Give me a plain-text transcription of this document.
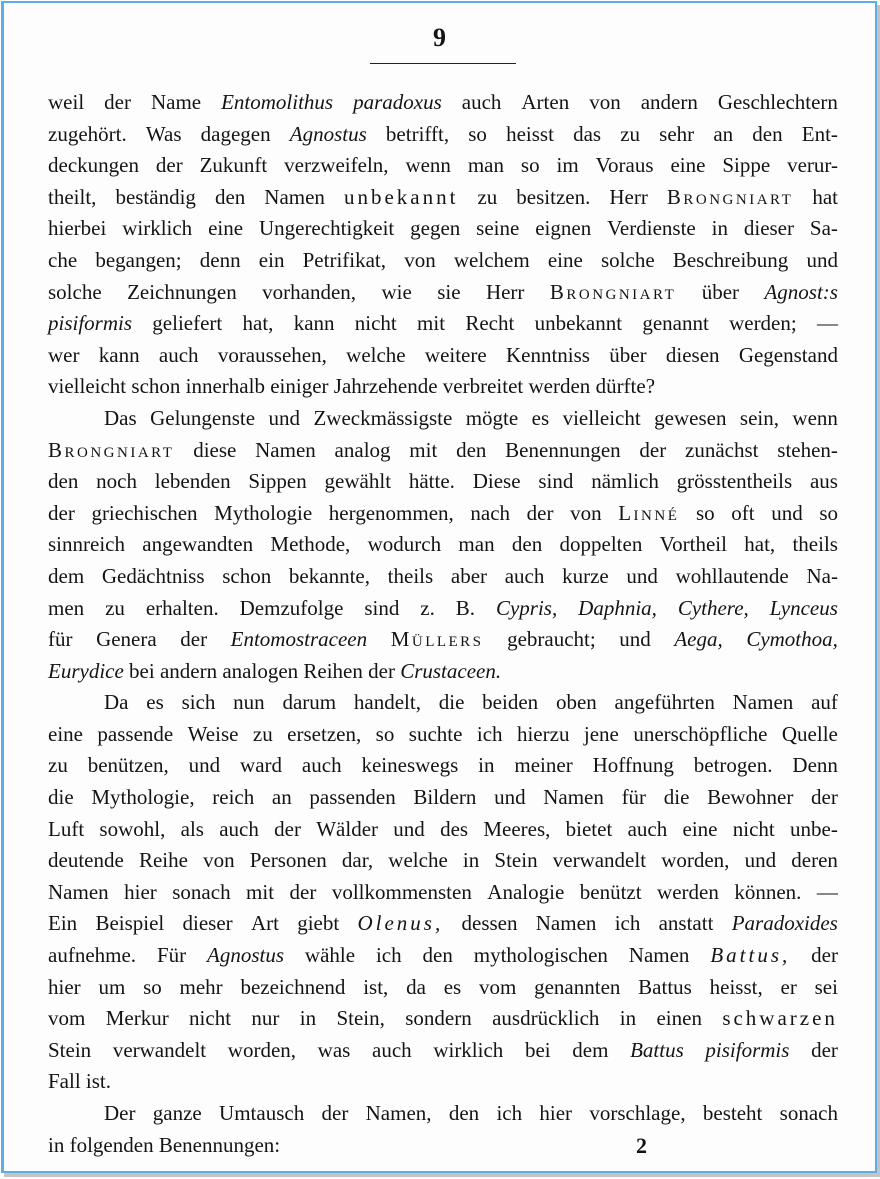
9
weil der Name Entomolithus paradoxus auch Arten von andern Geschlechtern
zugehört. Was dagegen Agnostus betrifft, so heisst das zu sehr an den Ent-
deckungen der Zukunft verzweifeln, wenn man so im Voraus eine Sippe verur-
theilt, beständig den Namen unbekannt zu besitzen. Herr Brongniart hat
hierbei wirklich eine Ungerechtigkeit gegen seine eignen Verdienste in dieser Sa-
che begangen; denn ein Petrifikat, von welchem eine solche Beschreibung und
solche Zeichnungen vorhanden, wie sie Herr Brongniart über Agnost:s
pisiformis geliefert hat, kann nicht mit Recht unbekannt genannt werden; —
wer kann auch voraussehen, welche weitere Kenntniss über diesen Gegenstand
vielleicht schon innerhalb einiger Jahrzehende verbreitet werden dürfte?
Das Gelungenste und Zweckmässigste mögte es vielleicht gewesen sein, wenn
Brongniart diese Namen analog mit den Benennungen der zunächst stehen-
den noch lebenden Sippen gewählt hätte. Diese sind nämlich grösstentheils aus
der griechischen Mythologie hergenommen, nach der von Linné so oft und so
sinnreich angewandten Methode, wodurch man den doppelten Vortheil hat, theils
dem Gedächtniss schon bekannte, theils aber auch kurze und wohllautende Na-
men zu erhalten. Demzufolge sind z. B. Cypris, Daphnia, Cythere, Lynceus
für Genera der Entomostraceen Müllers gebraucht; und Aega, Cymothoa,
Eurydice bei andern analogen Reihen der Crustaceen.
Da es sich nun darum handelt, die beiden oben angeführten Namen auf
eine passende Weise zu ersetzen, so suchte ich hierzu jene unerschöpfliche Quelle
zu benützen, und ward auch keineswegs in meiner Hoffnung betrogen. Denn
die Mythologie, reich an passenden Bildern und Namen für die Bewohner der
Luft sowohl, als auch der Wälder und des Meeres, bietet auch eine nicht unbe-
deutende Reihe von Personen dar, welche in Stein verwandelt worden, und deren
Namen hier sonach mit der vollkommensten Analogie benützt werden können. —
Ein Beispiel dieser Art giebt Olenus, dessen Namen ich anstatt Paradoxides
aufnehme. Für Agnostus wähle ich den mythologischen Namen Battus, der
hier um so mehr bezeichnend ist, da es vom genannten Battus heisst, er sei
vom Merkur nicht nur in Stein, sondern ausdrücklich in einen schwarzen
Stein verwandelt worden, was auch wirklich bei dem Battus pisiformis der
Fall ist.
Der ganze Umtausch der Namen, den ich hier vorschlage, besteht sonach
in folgenden Benennungen:	2
